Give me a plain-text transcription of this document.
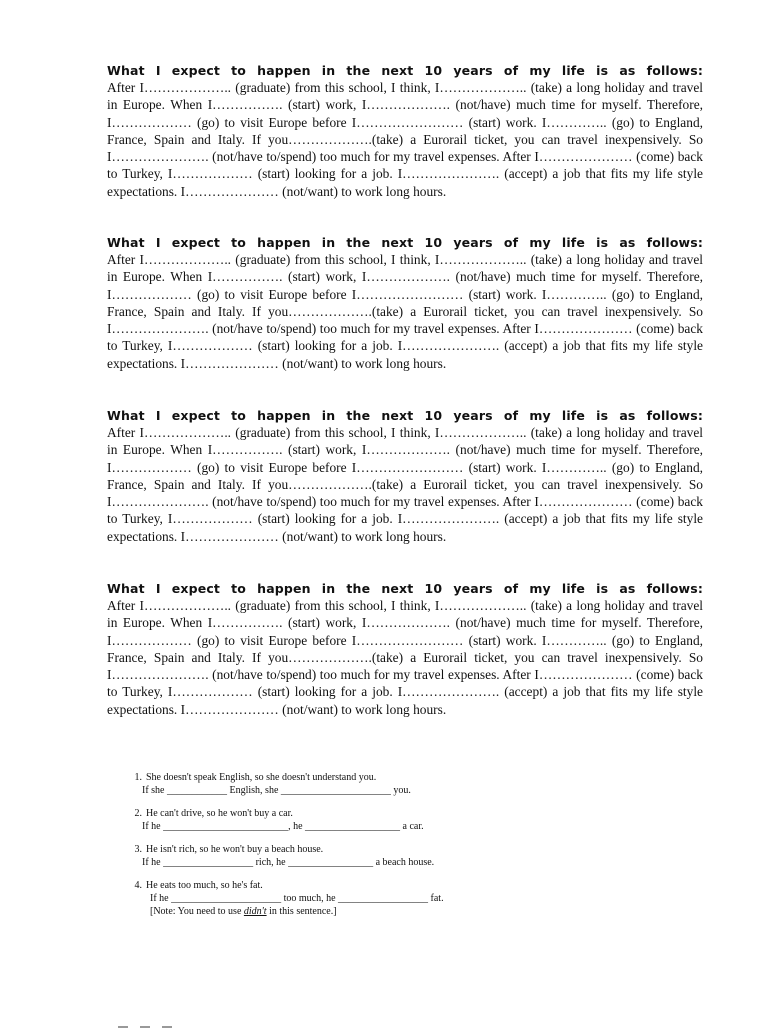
What I expect to happen in the next 10 years of my life is as follows:

After I……………….. (graduate) from this school, I think, I……………….. (take) a long holiday and travel in Europe. When I……………. (start) work, I………………. (not/have) much time for myself. Therefore, I……………… (go) to visit Europe before I…………………… (start) work. I………….. (go) to England, France, Spain and Italy. If you……………….(take) a Eurorail ticket, you can travel inexpensively. So I…………………. (not/have to/spend) too much for my travel expenses. After I………………… (come) back to Turkey, I……………… (start) looking for a job. I…………………. (accept) a job that fits my life style expectations. I………………… (not/want) to work long hours.

What I expect to happen in the next 10 years of my life is as follows:

After I……………….. (graduate) from this school, I think, I……………….. (take) a long holiday and travel in Europe. When I……………. (start) work, I………………. (not/have) much time for myself. Therefore, I……………… (go) to visit Europe before I…………………… (start) work. I………….. (go) to England, France, Spain and Italy. If you……………….(take) a Eurorail ticket, you can travel inexpensively. So I…………………. (not/have to/spend) too much for my travel expenses. After I………………… (come) back to Turkey, I……………… (start) looking for a job. I…………………. (accept) a job that fits my life style expectations. I………………… (not/want) to work long hours.

What I expect to happen in the next 10 years of my life is as follows:

After I……………….. (graduate) from this school, I think, I……………….. (take) a long holiday and travel in Europe. When I……………. (start) work, I………………. (not/have) much time for myself. Therefore, I……………… (go) to visit Europe before I…………………… (start) work. I………….. (go) to England, France, Spain and Italy. If you……………….(take) a Eurorail ticket, you can travel inexpensively. So I…………………. (not/have to/spend) too much for my travel expenses. After I………………… (come) back to Turkey, I……………… (start) looking for a job. I…………………. (accept) a job that fits my life style expectations. I………………… (not/want) to work long hours.

What I expect to happen in the next 10 years of my life is as follows:

After I……………….. (graduate) from this school, I think, I……………….. (take) a long holiday and travel in Europe. When I……………. (start) work, I………………. (not/have) much time for myself. Therefore, I……………… (go) to visit Europe before I…………………… (start) work. I………….. (go) to England, France, Spain and Italy. If you……………….(take) a Eurorail ticket, you can travel inexpensively. So I…………………. (not/have to/spend) too much for my travel expenses. After I………………… (come) back to Turkey, I……………… (start) looking for a job. I…………………. (accept) a job that fits my life style expectations. I………………… (not/want) to work long hours.

1. She doesn't speak English, so she doesn't understand you.
If she ____________ English, she ______________________ you.
2. He can't drive, so he won't buy a car.
If he _________________________, he ___________________ a car.
3. He isn't rich, so he won't buy a beach house.
If he __________________ rich, he _________________ a beach house.
4. He eats too much, so he's fat.
If he ______________________ too much, he __________________ fat.
[Note: You need to use didn't in this sentence.]
